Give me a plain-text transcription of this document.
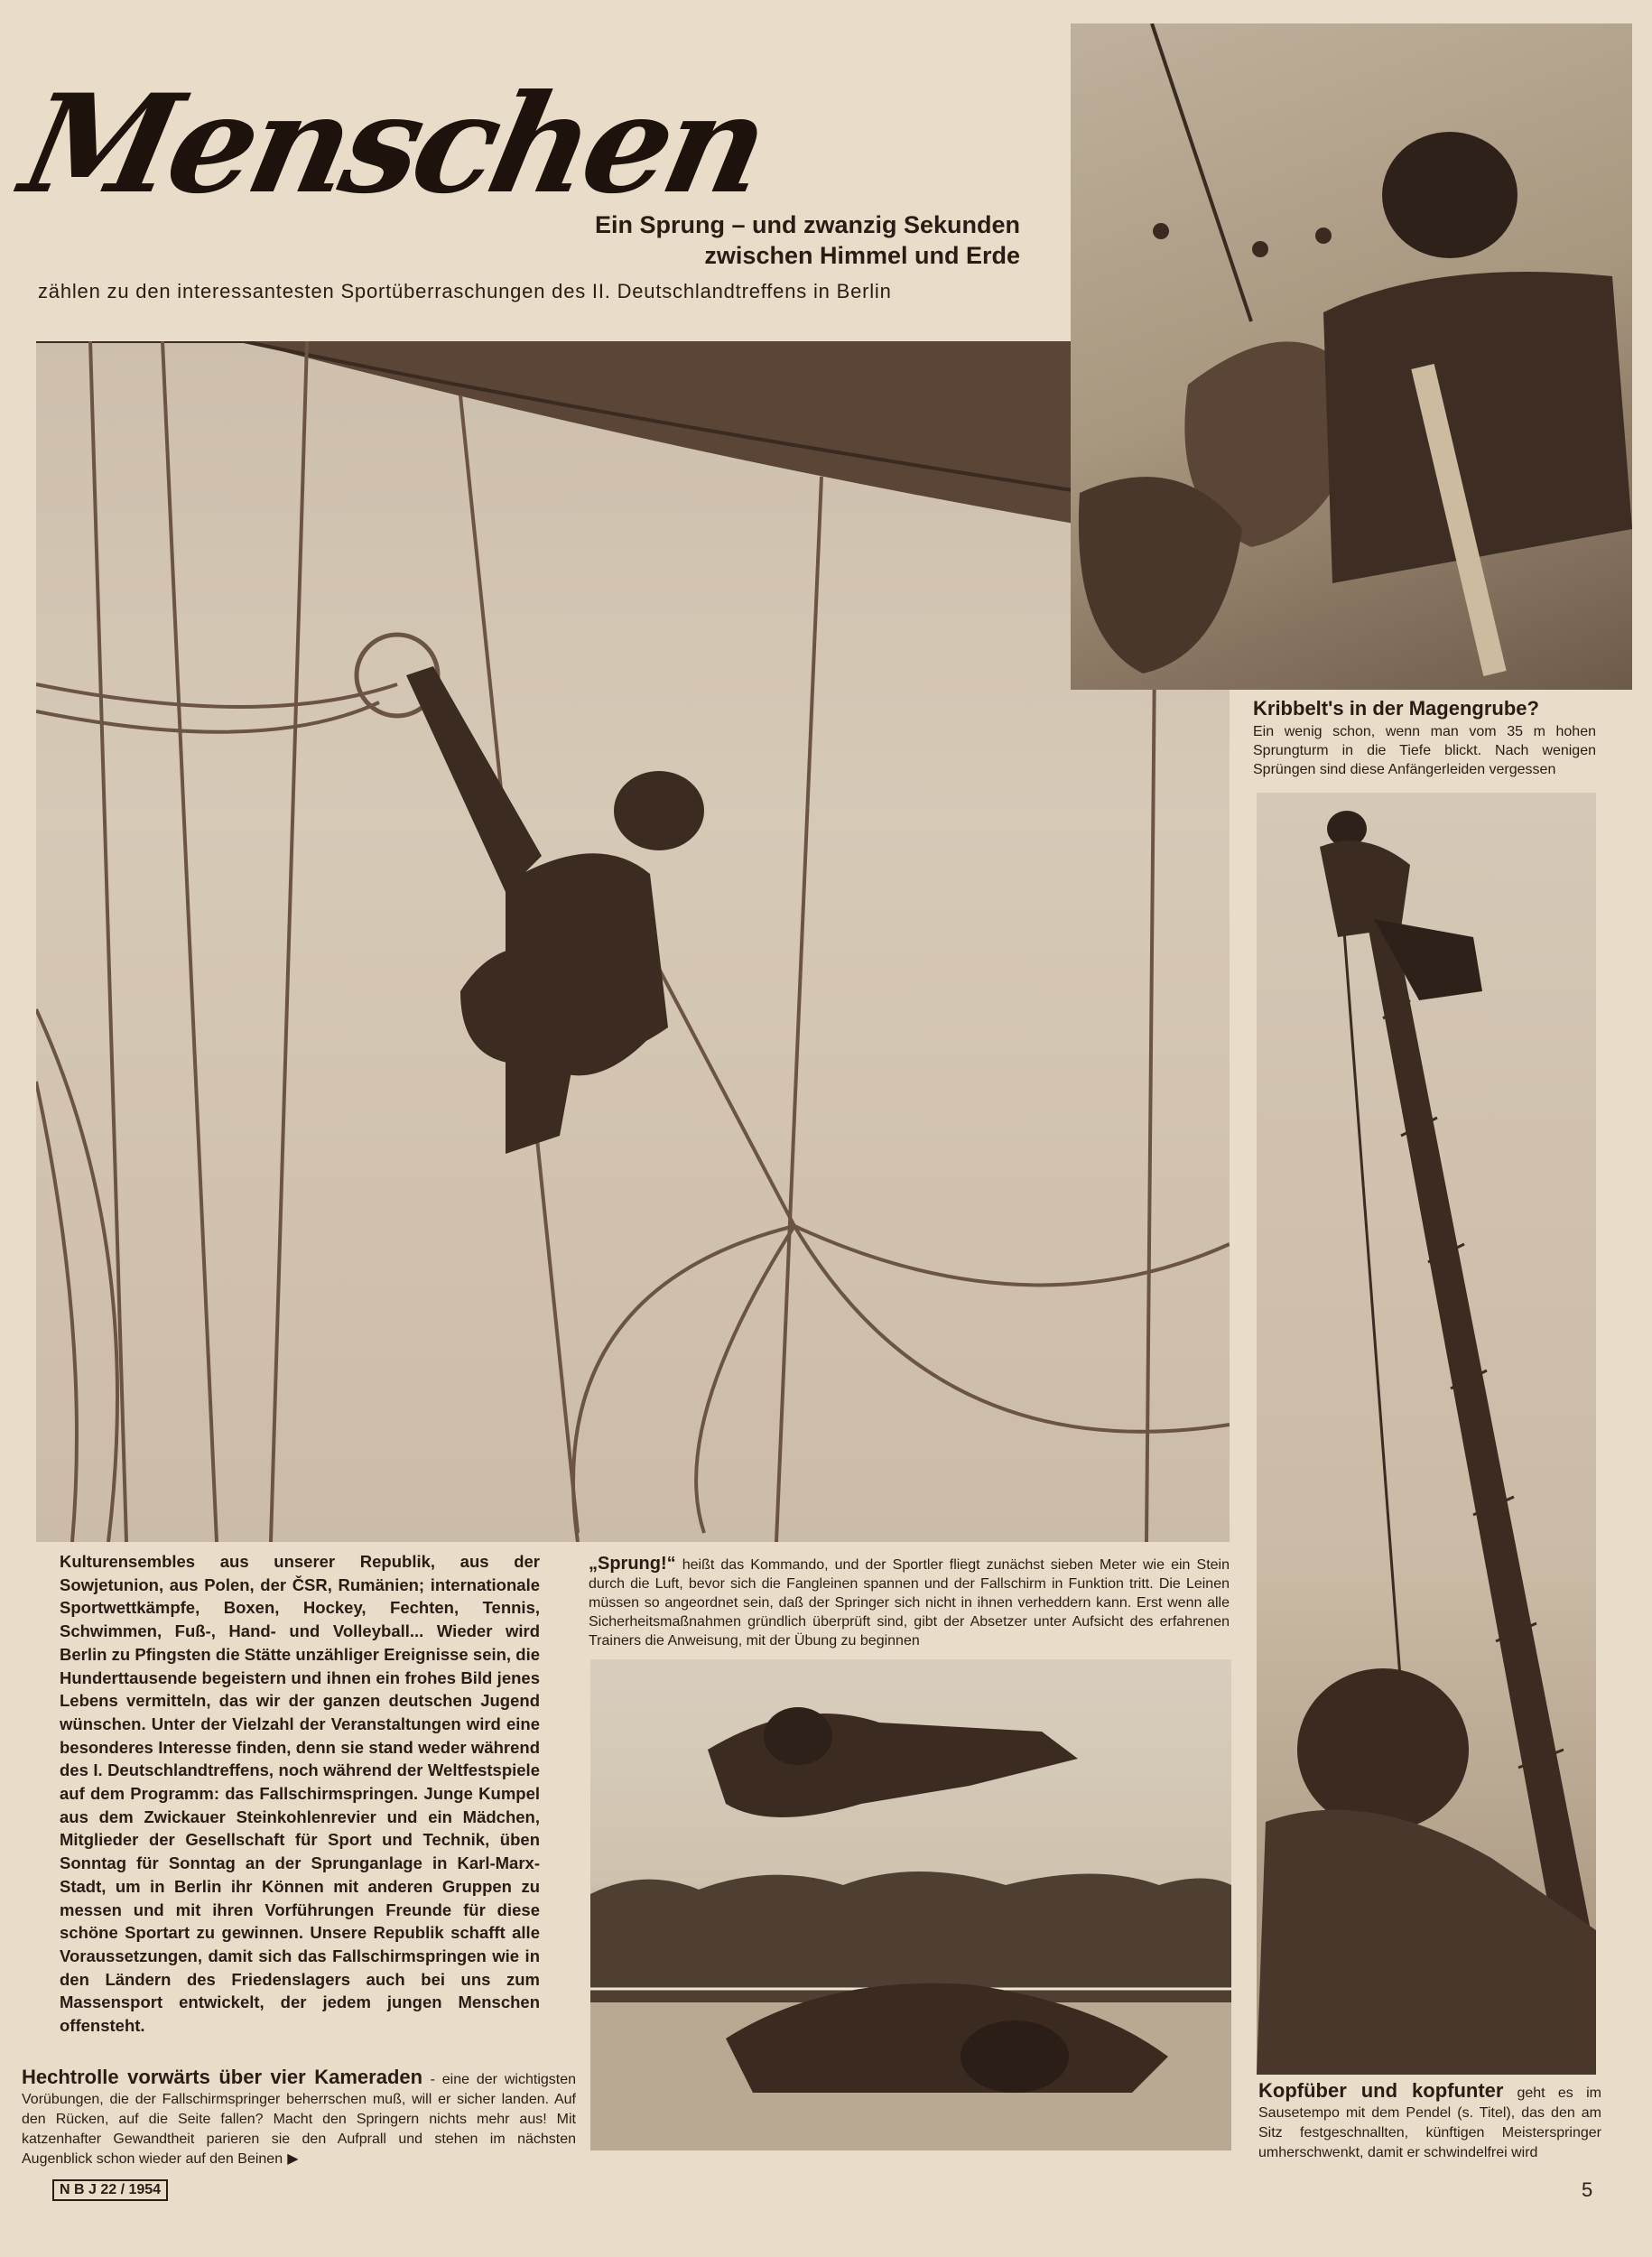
Menschen
Ein Sprung – und zwanzig Sekunden zwischen Himmel und Erde
zählen zu den interessantesten Sportüberraschungen des II. Deutschlandtreffens in Berlin
Kribbelt's in der Magengrube?
Ein wenig schon, wenn man vom 35 m hohen Sprungturm in die Tiefe blickt. Nach wenigen Sprüngen sind diese Anfängerleiden vergessen
Kulturensembles aus unserer Republik, aus der Sowjetunion, aus Polen, der ČSR, Rumänien; internationale Sportwettkämpfe, Boxen, Hockey, Fechten, Tennis, Schwimmen, Fuß-, Hand- und Volleyball... Wieder wird Berlin zu Pfingsten die Stätte unzähliger Ereignisse sein, die Hunderttausende begeistern und ihnen ein frohes Bild jenes Lebens vermitteln, das wir der ganzen deutschen Jugend wünschen. Unter der Vielzahl der Veranstaltungen wird eine besonderes Interesse finden, denn sie stand weder während des I. Deutschlandtreffens, noch während der Weltfestspiele auf dem Programm: das Fallschirmspringen. Junge Kumpel aus dem Zwickauer Steinkohlenrevier und ein Mädchen, Mitglieder der Gesellschaft für Sport und Technik, üben Sonntag für Sonntag an der Sprunganlage in Karl-Marx-Stadt, um in Berlin ihr Können mit anderen Gruppen zu messen und mit ihren Vorführungen Freunde für diese schöne Sportart zu gewinnen. Unsere Republik schafft alle Voraussetzungen, damit sich das Fallschirmspringen wie in den Ländern des Friedenslagers auch bei uns zum Massensport entwickelt, der jedem jungen Menschen offensteht.
„Sprung!“ heißt das Kommando, und der Sportler fliegt zunächst sieben Meter wie ein Stein durch die Luft, bevor sich die Fangleinen spannen und der Fallschirm in Funktion tritt. Die Leinen müssen so angeordnet sein, daß der Springer sich nicht in ihnen verheddern kann. Erst wenn alle Sicherheitsmaßnahmen gründlich überprüft sind, gibt der Absetzer unter Aufsicht des erfahrenen Trainers die Anweisung, mit der Übung zu beginnen
Hechtrolle vorwärts über vier Kameraden - eine der wichtigsten Vorübungen, die der Fallschirmspringer beherrschen muß, will er sicher landen. Auf den Rücken, auf die Seite fallen? Macht den Springern nichts mehr aus! Mit katzenhafter Gewandtheit parieren sie den Aufprall und stehen im nächsten Augenblick schon wieder auf den Beinen ▶
Kopfüber und kopfunter geht es im Sausetempo mit dem Pendel (s. Titel), das den am Sitz festgeschnallten, künftigen Meisterspringer umherschwenkt, damit er schwindelfrei wird
N B J 22 / 1954	5
